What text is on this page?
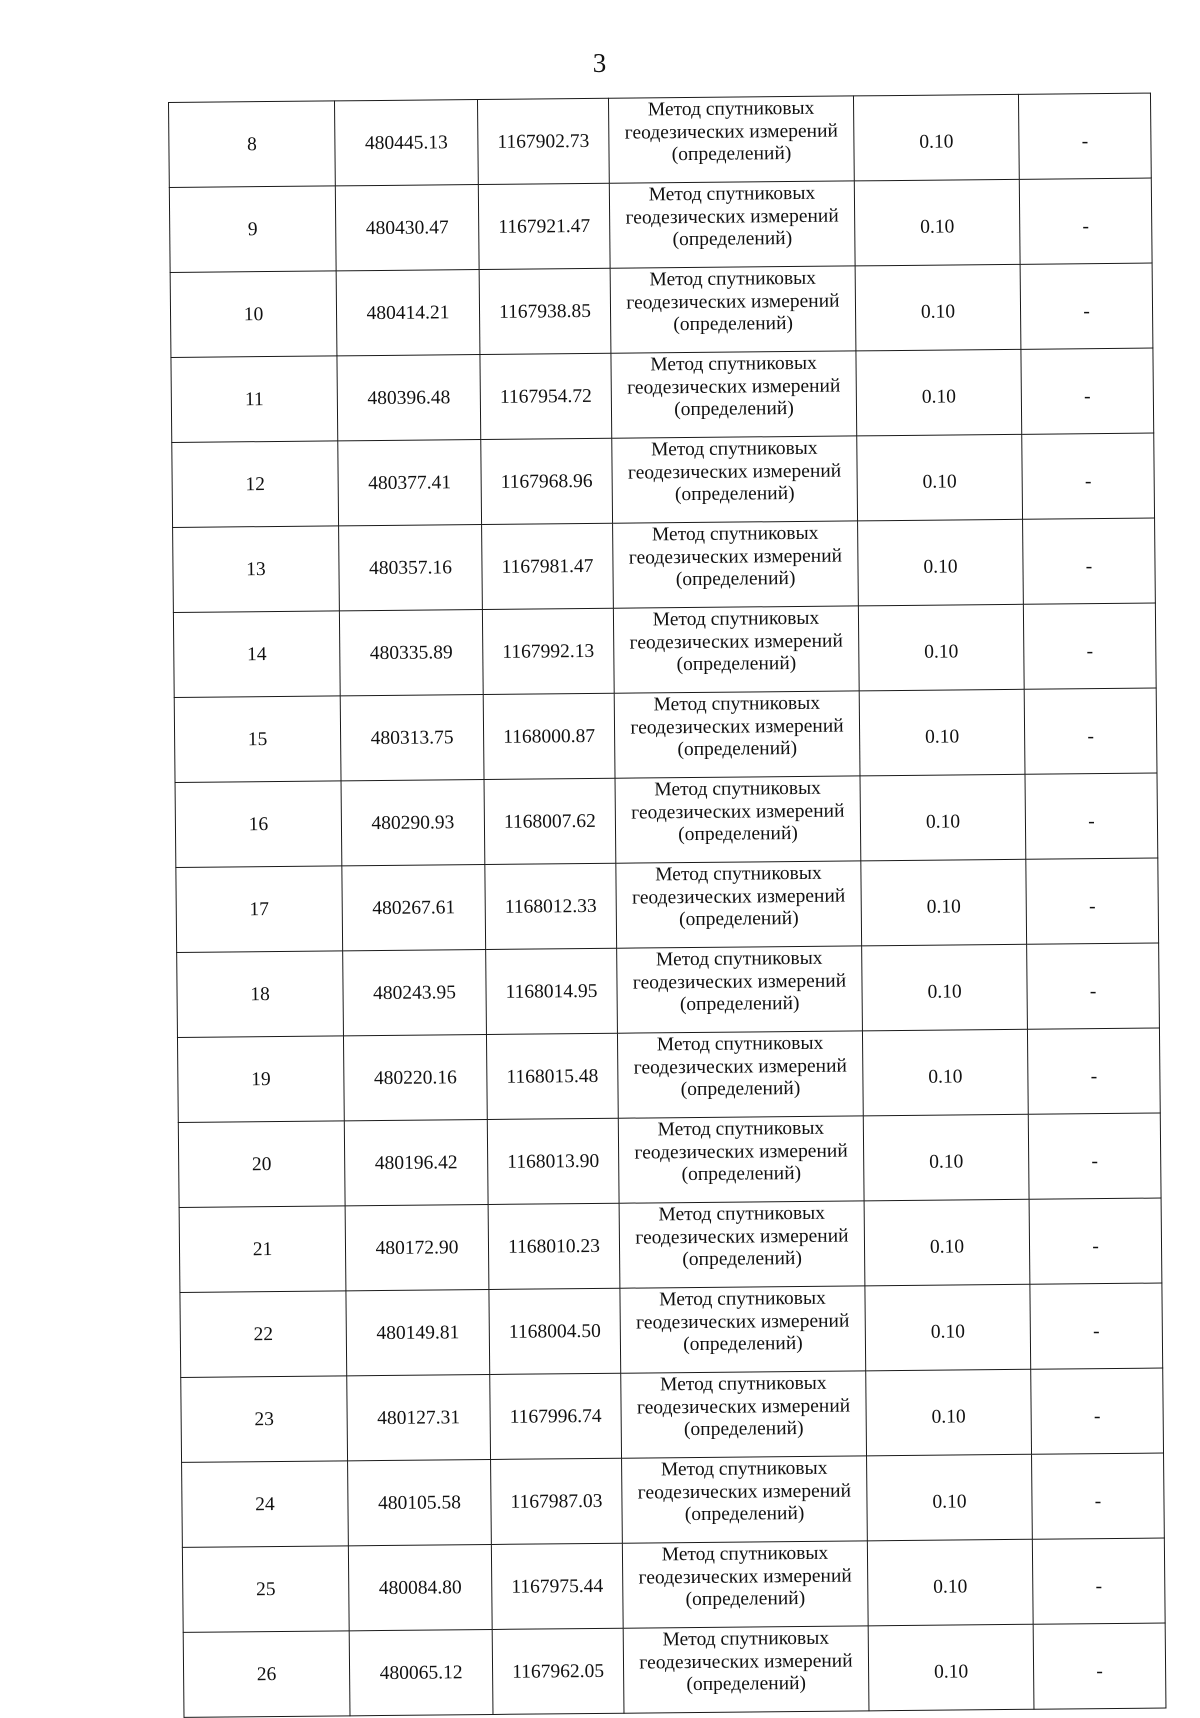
3
8	480445.13	1167902.73	Метод спутниковых
геодезических измерений
(определений)	0.10	-
9	480430.47	1167921.47	Метод спутниковых
геодезических измерений
(определений)	0.10	-
10	480414.21	1167938.85	Метод спутниковых
геодезических измерений
(определений)	0.10	-
11	480396.48	1167954.72	Метод спутниковых
геодезических измерений
(определений)	0.10	-
12	480377.41	1167968.96	Метод спутниковых
геодезических измерений
(определений)	0.10	-
13	480357.16	1167981.47	Метод спутниковых
геодезических измерений
(определений)	0.10	-
14	480335.89	1167992.13	Метод спутниковых
геодезических измерений
(определений)	0.10	-
15	480313.75	1168000.87	Метод спутниковых
геодезических измерений
(определений)	0.10	-
16	480290.93	1168007.62	Метод спутниковых
геодезических измерений
(определений)	0.10	-
17	480267.61	1168012.33	Метод спутниковых
геодезических измерений
(определений)	0.10	-
18	480243.95	1168014.95	Метод спутниковых
геодезических измерений
(определений)	0.10	-
19	480220.16	1168015.48	Метод спутниковых
геодезических измерений
(определений)	0.10	-
20	480196.42	1168013.90	Метод спутниковых
геодезических измерений
(определений)	0.10	-
21	480172.90	1168010.23	Метод спутниковых
геодезических измерений
(определений)	0.10	-
22	480149.81	1168004.50	Метод спутниковых
геодезических измерений
(определений)	0.10	-
23	480127.31	1167996.74	Метод спутниковых
геодезических измерений
(определений)	0.10	-
24	480105.58	1167987.03	Метод спутниковых
геодезических измерений
(определений)	0.10	-
25	480084.80	1167975.44	Метод спутниковых
геодезических измерений
(определений)	0.10	-
26	480065.12	1167962.05	Метод спутниковых
геодезических измерений
(определений)	0.10	-
